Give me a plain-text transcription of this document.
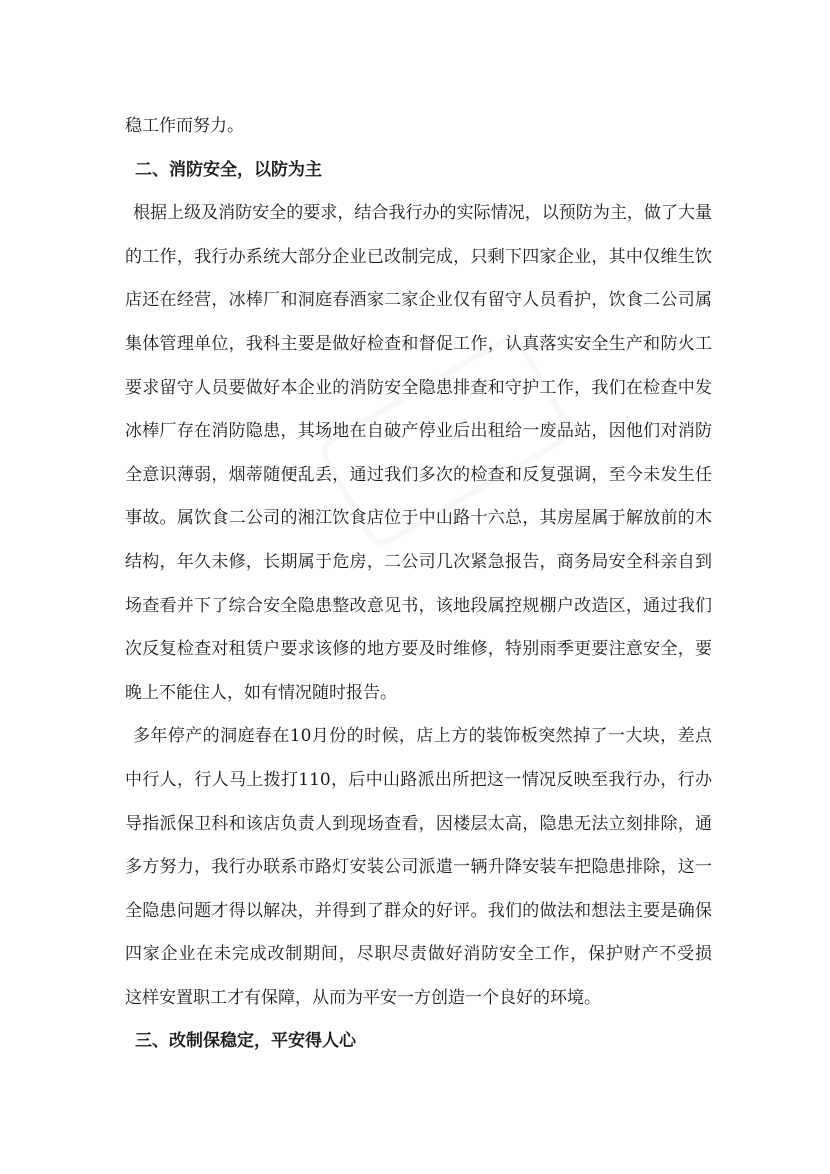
稳工作而努力。
二、消防安全，以防为主
根据上级及消防安全的要求，结合我行办的实际情况，以预防为主，做了大量
的工作，我行办系统大部分企业已改制完成，只剩下四家企业，其中仅维生饮
店还在经营，冰棒厂和洞庭春酒家二家企业仅有留守人员看护，饮食二公司属
集体管理单位，我科主要是做好检查和督促工作，认真落实安全生产和防火工
要求留守人员要做好本企业的消防安全隐患排查和守护工作，我们在检查中发
冰棒厂存在消防隐患，其场地在自破产停业后出租给一废品站，因他们对消防
全意识薄弱，烟蒂随便乱丢，通过我们多次的检查和反复强调，至今未发生任
事故。属饮食二公司的湘江饮食店位于中山路十六总，其房屋属于解放前的木
结构，年久未修，长期属于危房，二公司几次紧急报告，商务局安全科亲自到
场查看并下了综合安全隐患整改意见书，该地段属控规棚户改造区，通过我们
次反复检查对租赁户要求该修的地方要及时维修，特别雨季更要注意安全，要
晚上不能住人，如有情况随时报告。
多年停产的洞庭春在10月份的时候，店上方的装饰板突然掉了一大块，差点
中行人，行人马上拨打110，后中山路派出所把这一情况反映至我行办，行办
导指派保卫科和该店负责人到现场查看，因楼层太高，隐患无法立刻排除，通
多方努力，我行办联系市路灯安装公司派遣一辆升降安装车把隐患排除，这一
全隐患问题才得以解决，并得到了群众的好评。我们的做法和想法主要是确保
四家企业在未完成改制期间，尽职尽责做好消防安全工作，保护财产不受损
这样安置职工才有保障，从而为平安一方创造一个良好的环境。
三、改制保稳定，平安得人心
